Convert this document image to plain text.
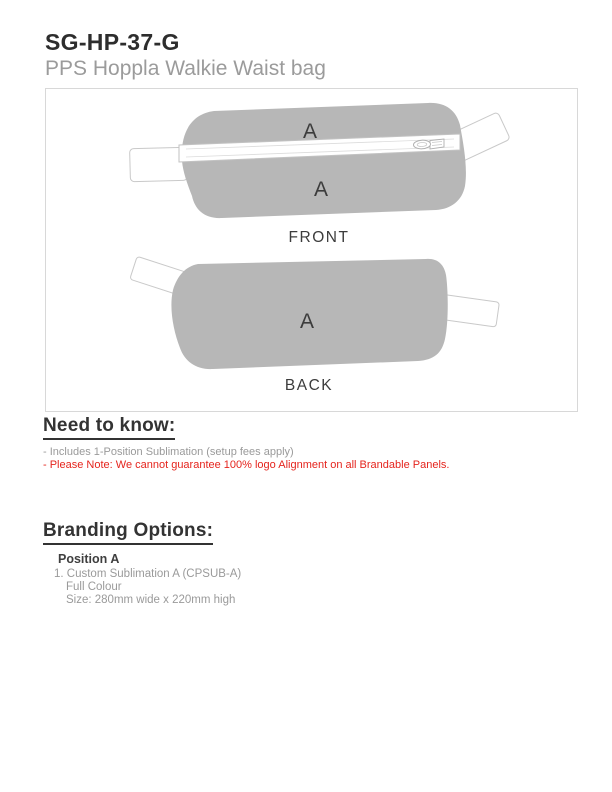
SG-HP-37-G
PPS Hoppla Walkie Waist bag
A
A
FRONT
A
BACK
Need to know:
- Includes 1-Position Sublimation (setup fees apply)
- Please Note: We cannot guarantee 100% logo Alignment on all Brandable Panels.
Branding Options:
Position A
1. Custom Sublimation A (CPSUB-A)
Full Colour
Size: 280mm wide x 220mm high
